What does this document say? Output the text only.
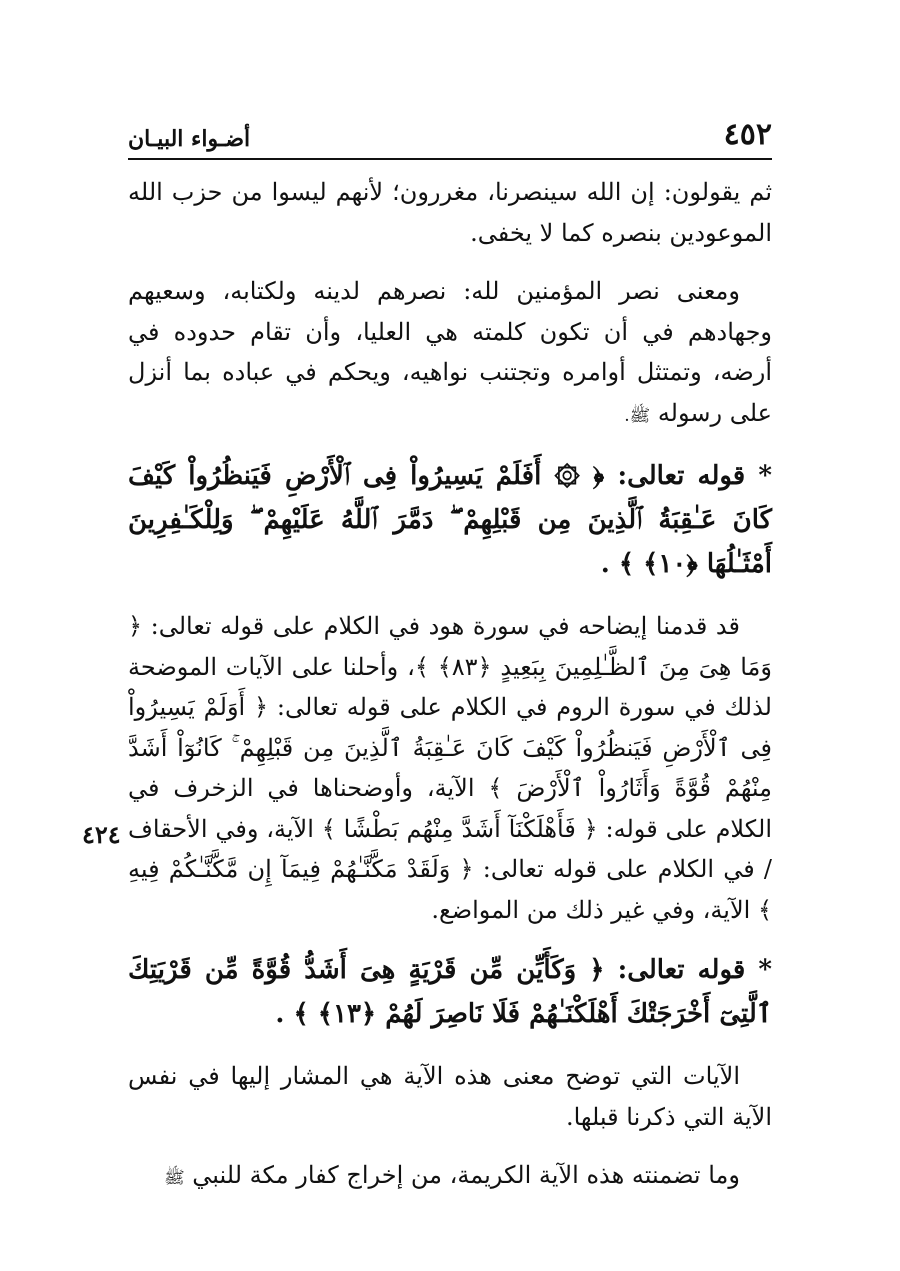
٤٥٢
أضـواء البيـان
٤٢٤

ثم يقولون: إن الله سينصرنا، مغررون؛ لأنهم ليسوا من حزب الله الموعودين بنصره كما لا يخفى.

ومعنى نصر المؤمنين لله: نصرهم لدينه ولكتابه، وسعيهم وجهادهم في أن تكون كلمته هي العليا، وأن تقام حدوده في أرضه، وتمتثل أوامره وتجتنب نواهيه، ويحكم في عباده بما أنزل على رسوله ﷺ.

* قوله تعالى: ﴿ ۞ أَفَلَمْ يَسِيرُواْ فِى ٱلْأَرْضِ فَيَنظُرُواْ كَيْفَ كَانَ عَـٰقِبَةُ ٱلَّذِينَ مِن قَبْلِهِمْ ۖ دَمَّرَ ٱللَّهُ عَلَيْهِمْ ۖ وَلِلْكَـٰفِرِينَ أَمْثَـٰلُهَا ﴿١٠﴾ ﴾ .

قد قدمنا إيضاحه في سورة هود في الكلام على قوله تعالى: ﴿ وَمَا هِىَ مِنَ ٱلظَّـٰلِمِينَ بِبَعِيدٍ ﴿٨٣﴾ ﴾، وأحلنا على الآيات الموضحة لذلك في سورة الروم في الكلام على قوله تعالى: ﴿ أَوَلَمْ يَسِيرُواْ فِى ٱلْأَرْضِ فَيَنظُرُواْ كَيْفَ كَانَ عَـٰقِبَةُ ٱلَّذِينَ مِن قَبْلِهِمْ ۚ كَانُوٓاْ أَشَدَّ مِنْهُمْ قُوَّةً وَأَثَارُواْ ٱلْأَرْضَ ﴾ الآية، وأوضحناها في الزخرف في الكلام على قوله: ﴿ فَأَهْلَكْنَآ أَشَدَّ مِنْهُم بَطْشًا ﴾ الآية، وفي الأحقاف / في الكلام على قوله تعالى: ﴿ وَلَقَدْ مَكَّنَّـٰهُمْ فِيمَآ إِن مَّكَّنَّـٰكُمْ فِيهِ ﴾ الآية، وفي غير ذلك من المواضع.

* قوله تعالى: ﴿ وَكَأَيِّن مِّن قَرْيَةٍ هِىَ أَشَدُّ قُوَّةً مِّن قَرْيَتِكَ ٱلَّتِىٓ أَخْرَجَتْكَ أَهْلَكْنَـٰهُمْ فَلَا نَاصِرَ لَهُمْ ﴿١٣﴾ ﴾ .

الآيات التي توضح معنى هذه الآية هي المشار إليها في نفس الآية التي ذكرنا قبلها.

وما تضمنته هذه الآية الكريمة، من إخراج كفار مكة للنبي ﷺ
